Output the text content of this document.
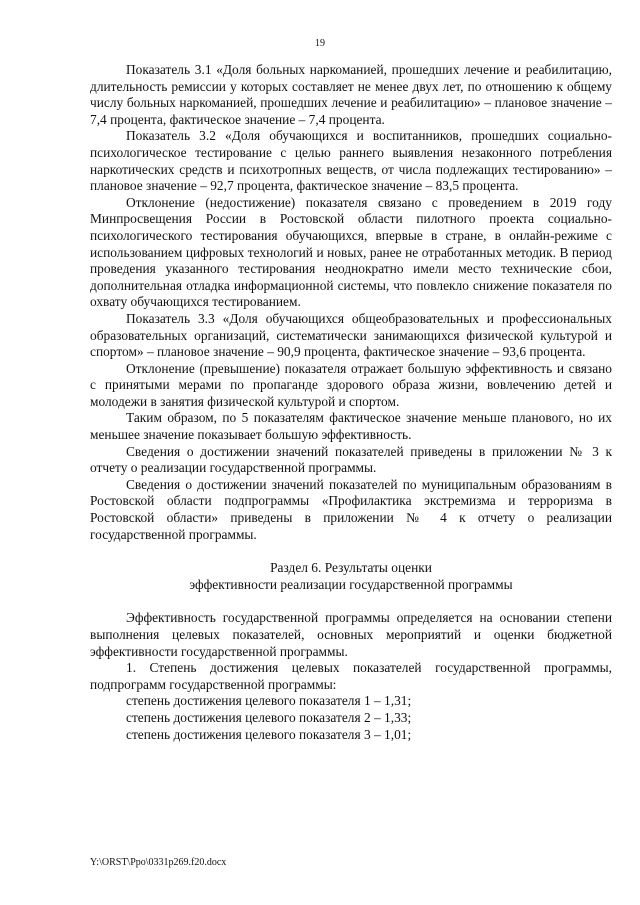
19

Показатель 3.1 «Доля больных наркоманией, прошедших лечение и реабилитацию, длительность ремиссии у которых составляет не менее двух лет, по отношению к общему числу больных наркоманией, прошедших лечение и реабилитацию» – плановое значение – 7,4 процента, фактическое значение – 7,4 процента.

Показатель 3.2 «Доля обучающихся и воспитанников, прошедших социально-психологическое тестирование с целью раннего выявления незаконного потребления наркотических средств и психотропных веществ, от числа подлежащих тестированию» – плановое значение – 92,7 процента, фактическое значение – 83,5 процента.

Отклонение (недостижение) показателя связано с проведением в 2019 году Минпросвещения России в Ростовской области пилотного проекта социально-психологического тестирования обучающихся, впервые в стране, в онлайн-режиме с использованием цифровых технологий и новых, ранее не отработанных методик. В период проведения указанного тестирования неоднократно имели место технические сбои, дополнительная отладка информационной системы, что повлекло снижение показателя по охвату обучающихся тестированием.

Показатель 3.3 «Доля обучающихся общеобразовательных и профессиональных образовательных организаций, систематически занимающихся физической культурой и спортом» – плановое значение – 90,9 процента, фактическое значение – 93,6 процента.

Отклонение (превышение) показателя отражает большую эффективность и связано с принятыми мерами по пропаганде здорового образа жизни, вовлечению детей и молодежи в занятия физической культурой и спортом.

Таким образом, по 5 показателям фактическое значение меньше планового, но их меньшее значение показывает большую эффективность.

Сведения о достижении значений показателей приведены в приложении № 3 к отчету о реализации государственной программы.

Сведения о достижении значений показателей по муниципальным образованиям в Ростовской области подпрограммы «Профилактика экстремизма и терроризма в Ростовской области» приведены в приложении № 4 к отчету о реализации государственной программы.

Раздел 6. Результаты оценки
эффективности реализации государственной программы

Эффективность государственной программы определяется на основании степени выполнения целевых показателей, основных мероприятий и оценки бюджетной эффективности государственной программы.

1. Степень достижения целевых показателей государственной программы, подпрограмм государственной программы:

степень достижения целевого показателя 1 – 1,31;

степень достижения целевого показателя 2 – 1,33;

степень достижения целевого показателя 3 – 1,01;

Y:\ORST\Ppo\0331p269.f20.docx
